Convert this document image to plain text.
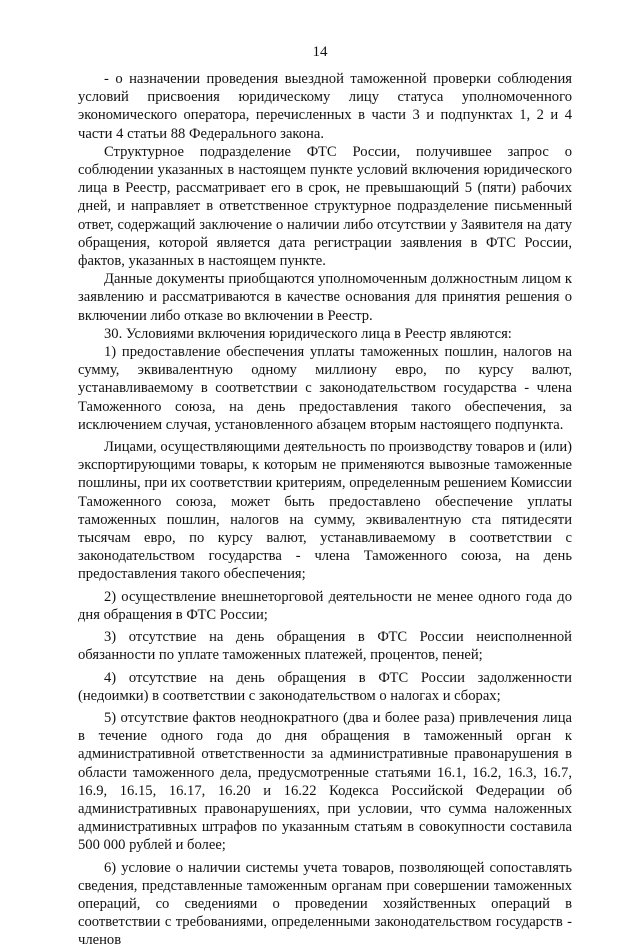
14

- о назначении проведения выездной таможенной проверки соблюдения условий присвоения юридическому лицу статуса уполномоченного экономического оператора, перечисленных в части 3 и подпунктах 1, 2 и 4 части 4 статьи 88 Федерального закона.

Структурное подразделение ФТС России, получившее запрос о соблюдении указанных в настоящем пункте условий включения юридического лица в Реестр, рассматривает его в срок, не превышающий 5 (пяти) рабочих дней, и направляет в ответственное структурное подразделение письменный ответ, содержащий заключение о наличии либо отсутствии у Заявителя на дату обращения, которой является дата регистрации заявления в ФТС России, фактов, указанных в настоящем пункте.

Данные документы приобщаются уполномоченным должностным лицом к заявлению и рассматриваются в качестве основания для принятия решения о включении либо отказе во включении в Реестр.

30. Условиями включения юридического лица в Реестр являются:

1) предоставление обеспечения уплаты таможенных пошлин, налогов на сумму, эквивалентную одному миллиону евро, по курсу валют, устанавливаемому в соответствии с законодательством государства - члена Таможенного союза, на день предоставления такого обеспечения, за исключением случая, установленного абзацем вторым настоящего подпункта.

Лицами, осуществляющими деятельность по производству товаров и (или) экспортирующими товары, к которым не применяются вывозные таможенные пошлины, при их соответствии критериям, определенным решением Комиссии Таможенного союза, может быть предоставлено обеспечение уплаты таможенных пошлин, налогов на сумму, эквивалентную ста пятидесяти тысячам евро, по курсу валют, устанавливаемому в соответствии с законодательством государства - члена Таможенного союза, на день предоставления такого обеспечения;

2) осуществление внешнеторговой деятельности не менее одного года до дня обращения в ФТС России;

3) отсутствие на день обращения в ФТС России неисполненной обязанности по уплате таможенных платежей, процентов, пеней;

4) отсутствие на день обращения в ФТС России задолженности (недоимки) в соответствии с законодательством о налогах и сборах;

5) отсутствие фактов неоднократного (два и более раза) привлечения лица в течение одного года до дня обращения в таможенный орган к административной ответственности за административные правонарушения в области таможенного дела, предусмотренные статьями 16.1, 16.2, 16.3, 16.7, 16.9, 16.15, 16.17, 16.20 и 16.22 Кодекса Российской Федерации об административных правонарушениях, при условии, что сумма наложенных административных штрафов по указанным статьям в совокупности составила 500 000 рублей и более;

6) условие о наличии системы учета товаров, позволяющей сопоставлять сведения, представленные таможенным органам при совершении таможенных операций, со сведениями о проведении хозяйственных операций в соответствии с требованиями, определенными законодательством государств - членов
